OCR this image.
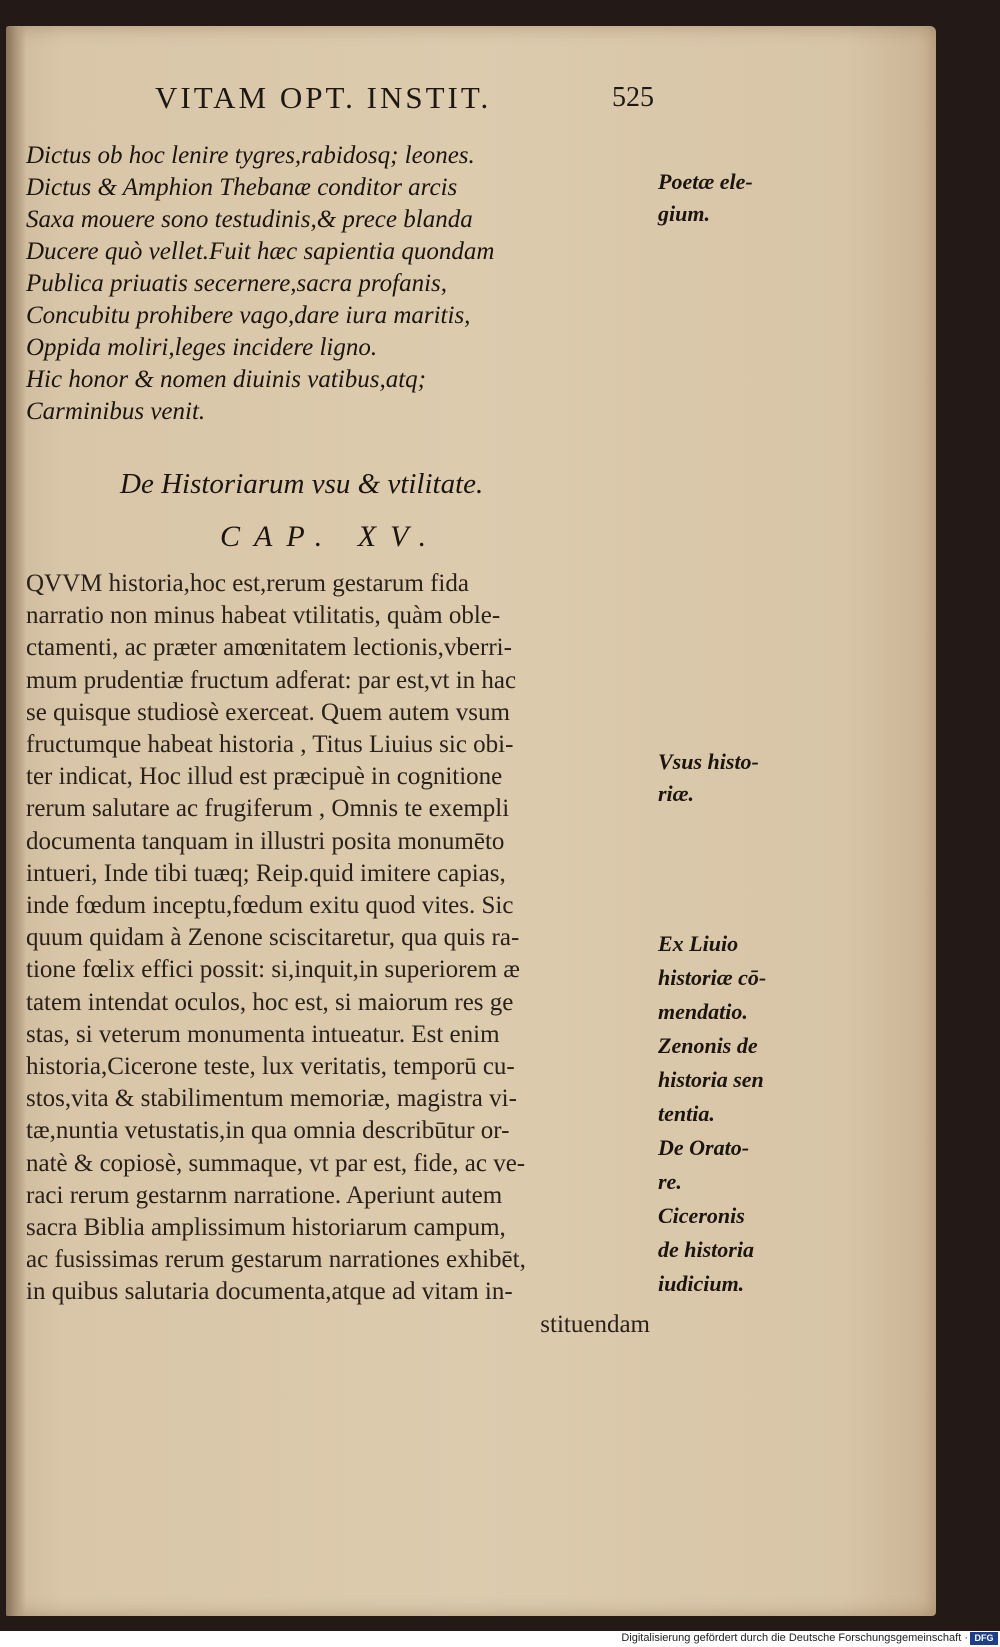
VITAM OPT. INSTIT.	525
Dictus ob hoc lenire tygres,rabidosq; leones.
Dictus & Amphion Thebanæ conditor arcis
Saxa mouere sono testudinis,& prece blanda
Ducere quò vellet.Fuit hæc sapientia quondam
Publica priuatis secernere,sacra profanis,
Concubitu prohibere vago,dare iura maritis,
Oppida moliri,leges incidere ligno.
Hic honor & nomen diuinis vatibus,atq;
Carminibus venit.
De Historiarum vsu & vtilitate.
CAP. XV.
QVVM historia,hoc est,rerum gestarum fida
narratio non minus habeat vtilitatis, quàm oble-
ctamenti, ac præter amœnitatem lectionis,vberri-
mum prudentiæ fructum adferat: par est,vt in hac
se quisque studiosè exerceat. Quem autem vsum
fructumque habeat historia , Titus Liuius sic obi-
ter indicat, Hoc illud est præcipuè in cognitione
rerum salutare ac frugiferum , Omnis te exempli
documenta tanquam in illustri posita monumēto
intueri, Inde tibi tuæq; Reip.quid imitere capias,
inde fœdum inceptu,fœdum exitu quod vites. Sic
quum quidam à Zenone sciscitaretur, qua quis ra-
tione fœlix effici possit: si,inquit,in superiorem æ
tatem intendat oculos, hoc est, si maiorum res ge
stas, si veterum monumenta intueatur. Est enim
historia,Cicerone teste, lux veritatis, temporū cu-
stos,vita & stabilimentum memoriæ, magistra vi-
tæ,nuntia vetustatis,in qua omnia describūtur or-
natè & copiosè, summaque, vt par est, fide, ac ve-
raci rerum gestarnm narratione. Aperiunt autem
sacra Biblia amplissimum historiarum campum,
ac fusissimas rerum gestarum narrationes exhibēt,
in quibus salutaria documenta,atque ad vitam in-
stituendam
Poetæ ele-
gium.
Vsus histo-
riæ.
Ex Liuio
historiæ cō-
mendatio.
Zenonis de
historia sen
tentia.
De Orato-
re.
Ciceronis
de historia
iudicium.
Digitalisierung gefördert durch die Deutsche Forschungsgemeinschaft · DFG
